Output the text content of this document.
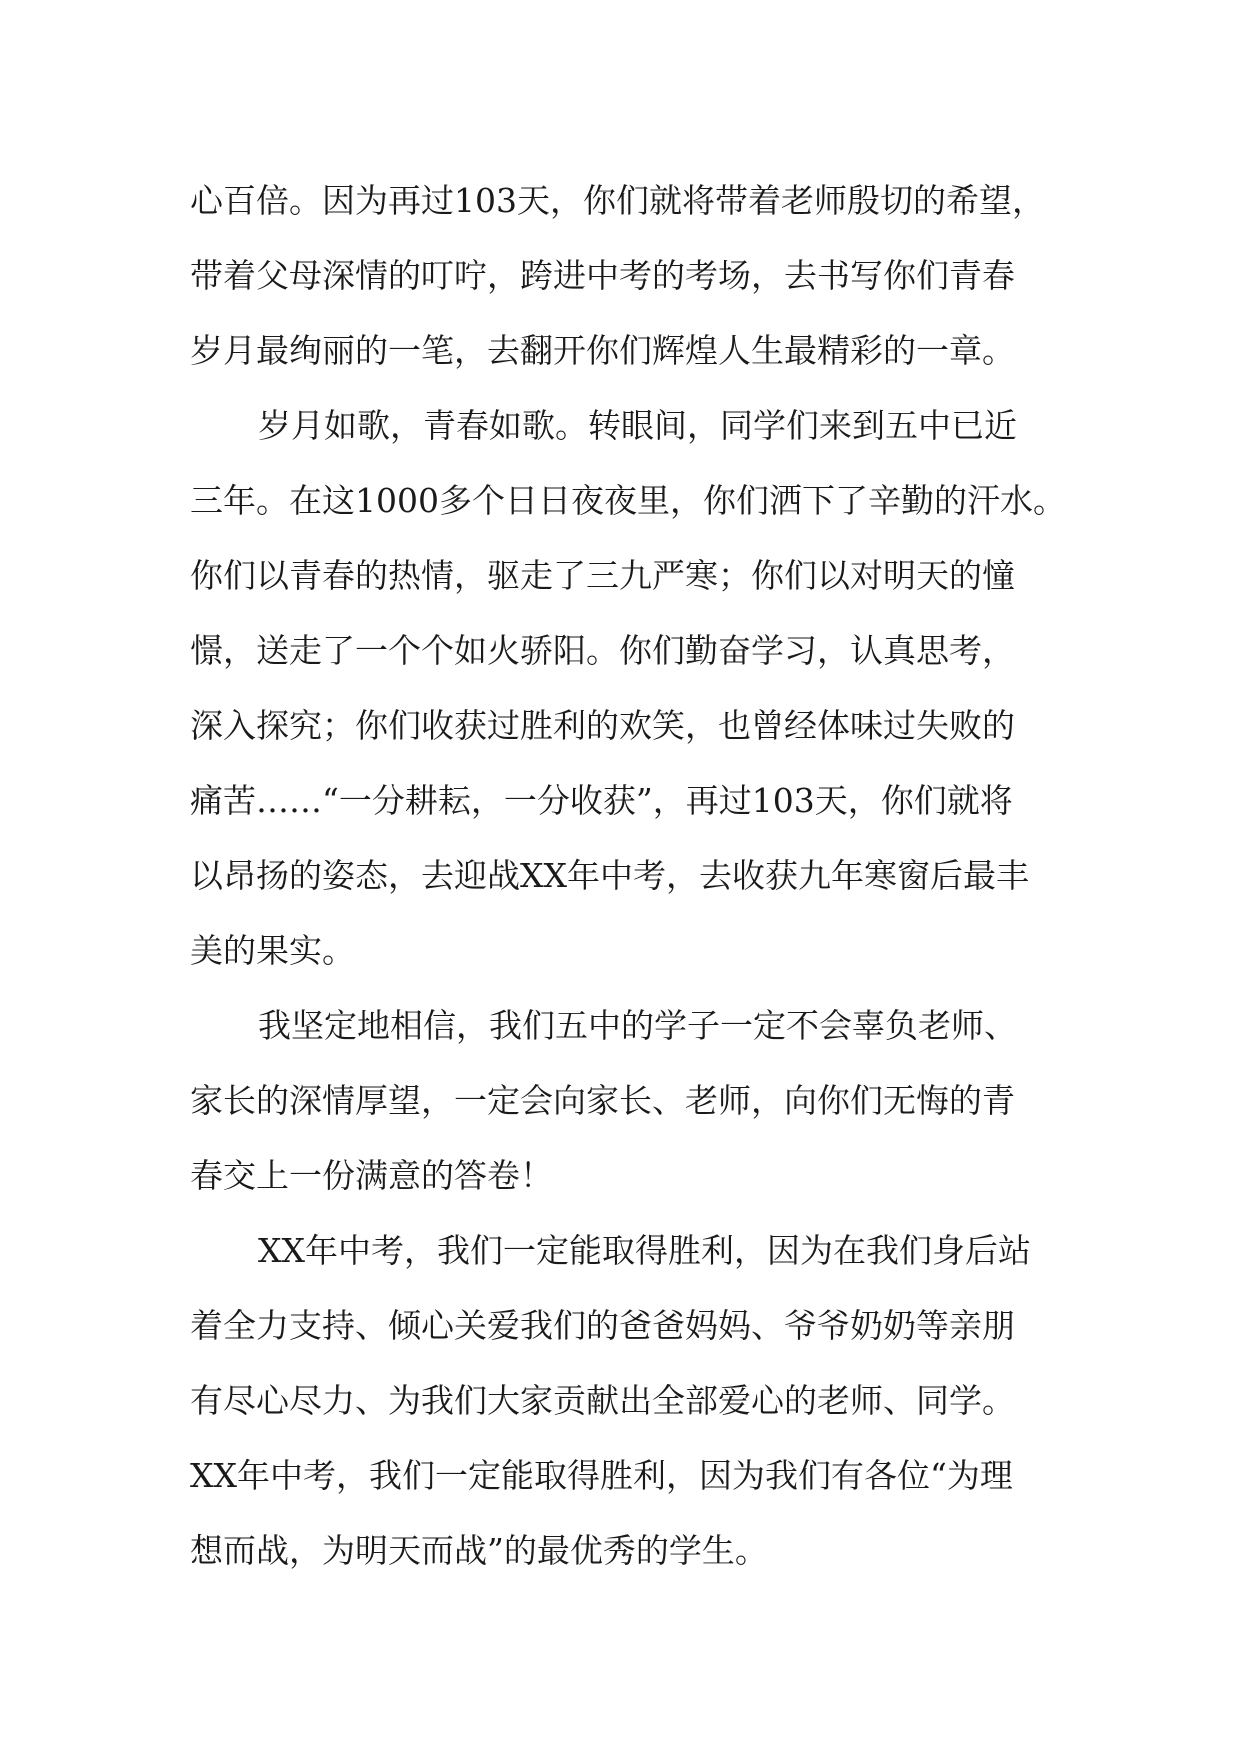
心百倍。因为再过103天，你们就将带着老师殷切的希望，

带着父母深情的叮咛，跨进中考的考场，去书写你们青春

岁月最绚丽的一笔，去翻开你们辉煌人生最精彩的一章。

岁月如歌，青春如歌。转眼间，同学们来到五中已近

三年。在这1000多个日日夜夜里，你们洒下了辛勤的汗水。

你们以青春的热情，驱走了三九严寒；你们以对明天的憧

憬，送走了一个个如火骄阳。你们勤奋学习，认真思考，

深入探究；你们收获过胜利的欢笑，也曾经体味过失败的

痛苦……“一分耕耘，一分收获”，再过103天，你们就将

以昂扬的姿态，去迎战XX年中考，去收获九年寒窗后最丰

美的果实。

我坚定地相信，我们五中的学子一定不会辜负老师、

家长的深情厚望，一定会向家长、老师，向你们无悔的青

春交上一份满意的答卷！

XX年中考，我们一定能取得胜利，因为在我们身后站

着全力支持、倾心关爱我们的爸爸妈妈、爷爷奶奶等亲朋

有尽心尽力、为我们大家贡献出全部爱心的老师、同学。

XX年中考，我们一定能取得胜利，因为我们有各位“为理

想而战，为明天而战”的最优秀的学生。
